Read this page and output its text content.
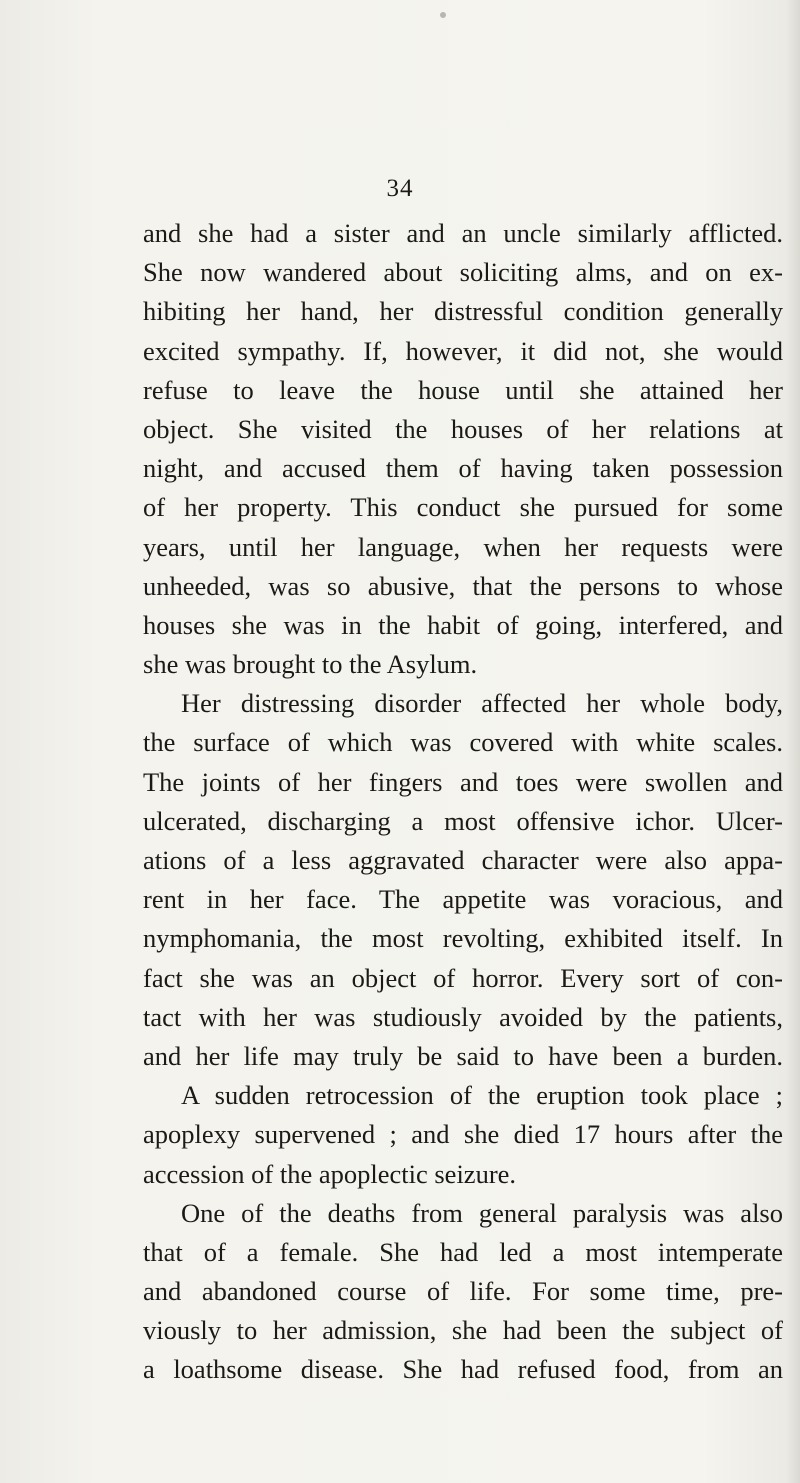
34
and she had a sister and an uncle similarly afflicted.
She now wandered about soliciting alms, and on ex-
hibiting her hand, her distressful condition generally
excited sympathy. If, however, it did not, she would
refuse to leave the house until she attained her
object. She visited the houses of her relations at
night, and accused them of having taken possession
of her property. This conduct she pursued for some
years, until her language, when her requests were
unheeded, was so abusive, that the persons to whose
houses she was in the habit of going, interfered, and
she was brought to the Asylum.
Her distressing disorder affected her whole body,
the surface of which was covered with white scales.
The joints of her fingers and toes were swollen and
ulcerated, discharging a most offensive ichor. Ulcer-
ations of a less aggravated character were also appa-
rent in her face. The appetite was voracious, and
nymphomania, the most revolting, exhibited itself. In
fact she was an object of horror. Every sort of con-
tact with her was studiously avoided by the patients,
and her life may truly be said to have been a burden.
A sudden retrocession of the eruption took place ;
apoplexy supervened ; and she died 17 hours after the
accession of the apoplectic seizure.
One of the deaths from general paralysis was also
that of a female. She had led a most intemperate
and abandoned course of life. For some time, pre-
viously to her admission, she had been the subject of
a loathsome disease. She had refused food, from an
